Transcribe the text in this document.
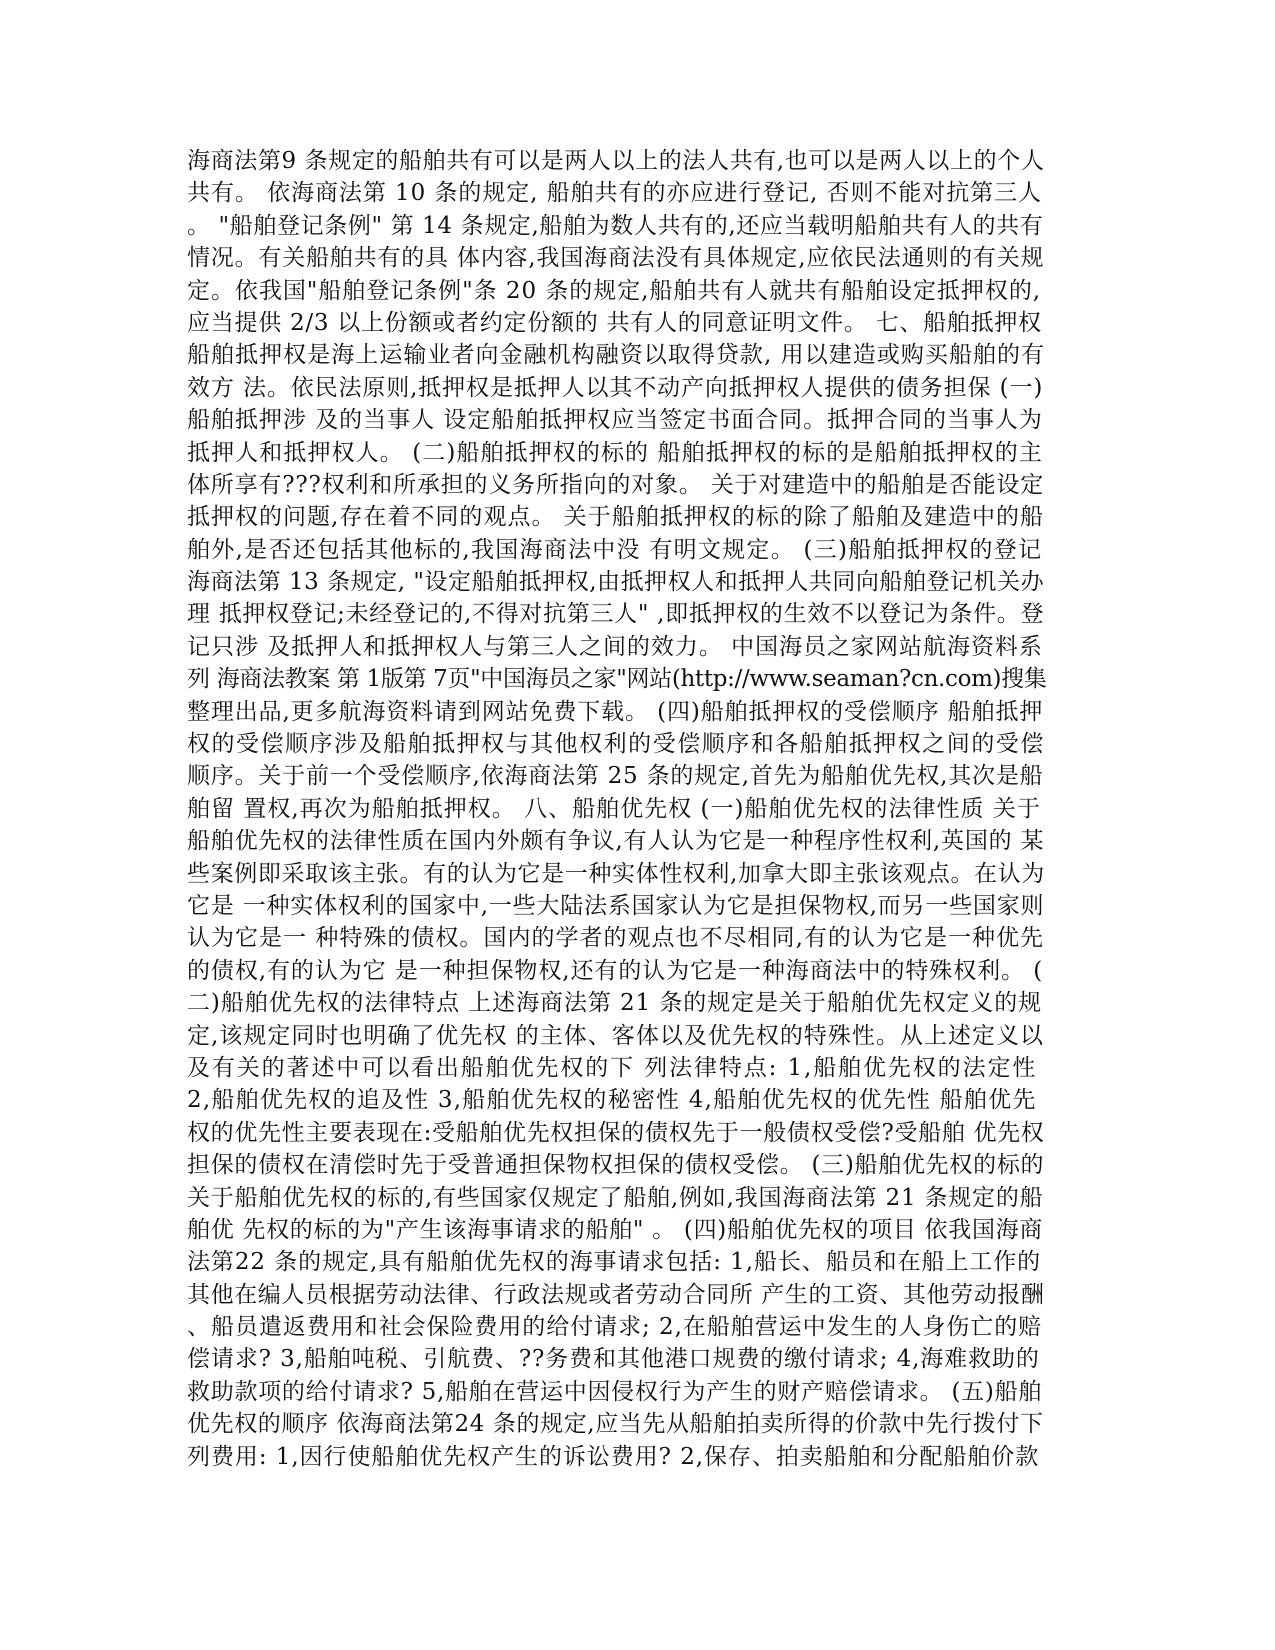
海商法第9 条规定的船舶共有可以是两人以上的法人共有,也可以是两人以上的个人
共有。 依海商法第 10 条的规定, 船舶共有的亦应进行登记, 否则不能对抗第三人
。 "船舶登记条例" 第 14 条规定,船舶为数人共有的,还应当载明船舶共有人的共有
情况。有关船舶共有的具 体内容,我国海商法没有具体规定,应依民法通则的有关规
定。依我国"船舶登记条例"条 20 条的规定,船舶共有人就共有船舶设定抵押权的,
应当提供 2/3 以上份额或者约定份额的 共有人的同意证明文件。 七、船舶抵押权
船舶抵押权是海上运输业者向金融机构融资以取得贷款, 用以建造或购买船舶的有
效方 法。依民法原则,抵押权是抵押人以其不动产向抵押权人提供的债务担保 (一)
船舶抵押涉 及的当事人 设定船舶抵押权应当签定书面合同。抵押合同的当事人为
抵押人和抵押权人。 (二)船舶抵押权的标的 船舶抵押权的标的是船舶抵押权的主
体所享有???权利和所承担的义务所指向的对象。 关于对建造中的船舶是否能设定
抵押权的问题,存在着不同的观点。 关于船舶抵押权的标的除了船舶及建造中的船
舶外,是否还包括其他标的,我国海商法中没 有明文规定。 (三)船舶抵押权的登记
海商法第 13 条规定, "设定船舶抵押权,由抵押权人和抵押人共同向船舶登记机关办
理 抵押权登记;未经登记的,不得对抗第三人" ,即抵押权的生效不以登记为条件。登
记只涉 及抵押人和抵押权人与第三人之间的效力。 中国海员之家网站航海资料系
列 海商法教案 第 1版第 7页"中国海员之家"网站(http://www.seaman?cn.com)搜集
整理出品,更多航海资料请到网站免费下载。 (四)船舶抵押权的受偿顺序 船舶抵押
权的受偿顺序涉及船舶抵押权与其他权利的受偿顺序和各船舶抵押权之间的受偿
顺序。关于前一个受偿顺序,依海商法第 25 条的规定,首先为船舶优先权,其次是船
舶留 置权,再次为船舶抵押权。 八、船舶优先权 (一)船舶优先权的法律性质 关于
船舶优先权的法律性质在国内外颇有争议,有人认为它是一种程序性权利,英国的 某
些案例即采取该主张。有的认为它是一种实体性权利,加拿大即主张该观点。在认为
它是 一种实体权利的国家中,一些大陆法系国家认为它是担保物权,而另一些国家则
认为它是一 种特殊的债权。国内的学者的观点也不尽相同,有的认为它是一种优先
的债权,有的认为它 是一种担保物权,还有的认为它是一种海商法中的特殊权利。 (
二)船舶优先权的法律特点 上述海商法第 21 条的规定是关于船舶优先权定义的规
定,该规定同时也明确了优先权 的主体、客体以及优先权的特殊性。从上述定义以
及有关的著述中可以看出船舶优先权的下 列法律特点: 1,船舶优先权的法定性
2,船舶优先权的追及性 3,船舶优先权的秘密性 4,船舶优先权的优先性 船舶优先
权的优先性主要表现在:受船舶优先权担保的债权先于一般债权受偿?受船舶 优先权
担保的债权在清偿时先于受普通担保物权担保的债权受偿。 (三)船舶优先权的标的
关于船舶优先权的标的,有些国家仅规定了船舶,例如,我国海商法第 21 条规定的船
舶优 先权的标的为"产生该海事请求的船舶" 。 (四)船舶优先权的项目 依我国海商
法第22 条的规定,具有船舶优先权的海事请求包括: 1,船长、船员和在船上工作的
其他在编人员根据劳动法律、行政法规或者劳动合同所 产生的工资、其他劳动报酬
、船员遣返费用和社会保险费用的给付请求; 2,在船舶营运中发生的人身伤亡的赔
偿请求? 3,船舶吨税、引航费、??务费和其他港口规费的缴付请求; 4,海难救助的
救助款项的给付请求? 5,船舶在营运中因侵权行为产生的财产赔偿请求。 (五)船舶
优先权的顺序 依海商法第24 条的规定,应当先从船舶拍卖所得的价款中先行拨付下
列费用: 1,因行使船舶优先权产生的诉讼费用? 2,保存、拍卖船舶和分配船舶价款
